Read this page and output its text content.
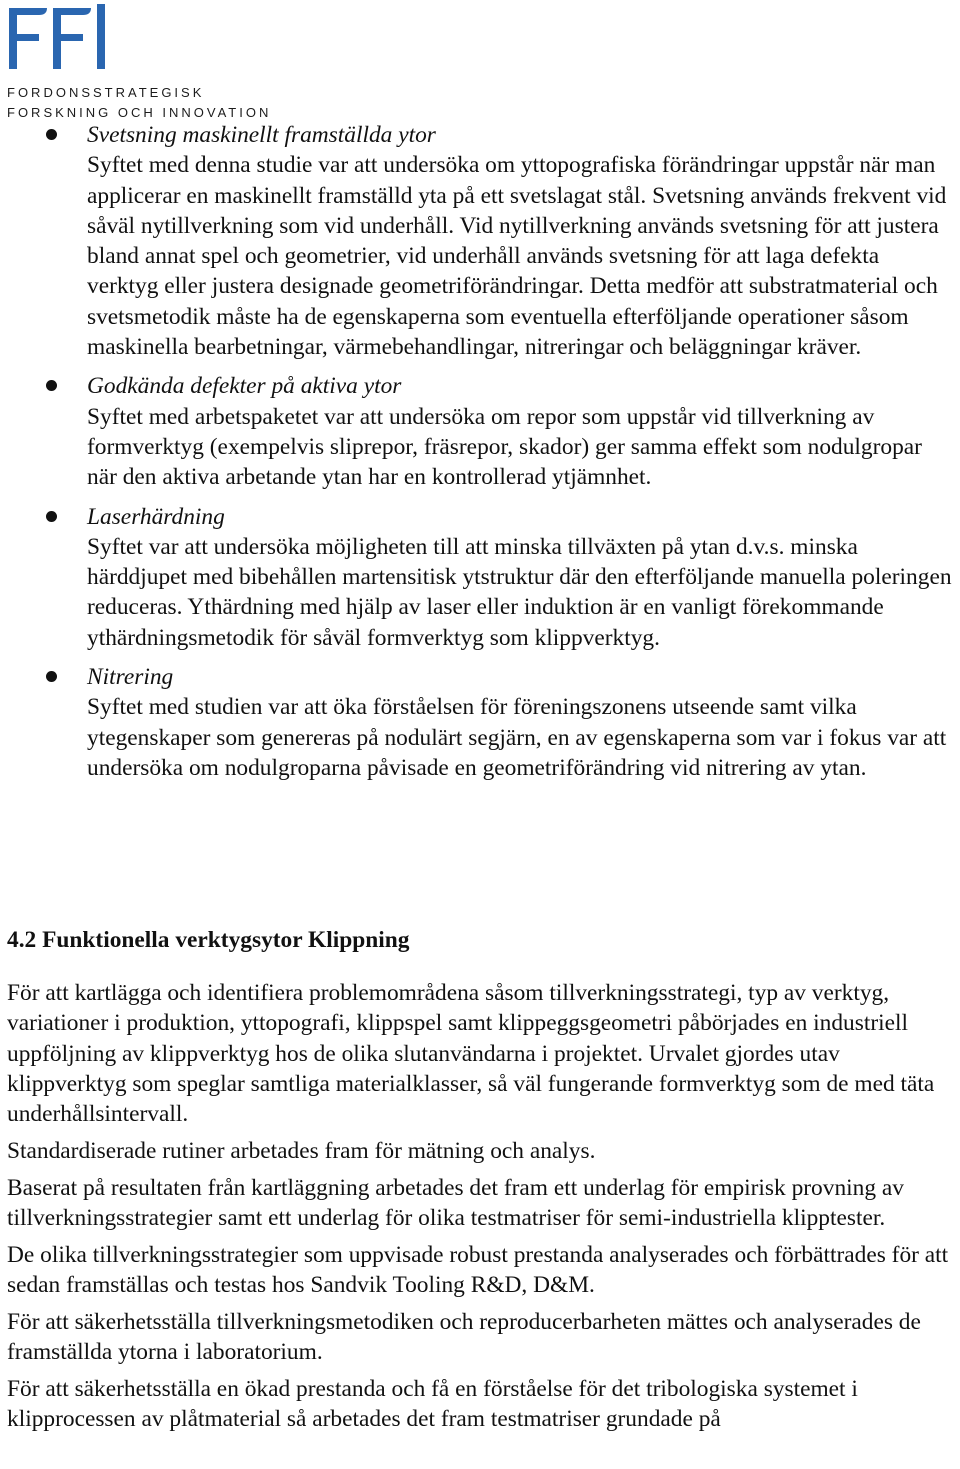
FORDONSSTRATEGISK
FORSKNING OCH INNOVATION

Svetsning maskinellt framställda ytor

Syftet med denna studie var att undersöka om yttopografiska förändringar uppstår när man applicerar en maskinellt framställd yta på ett svetslagat stål. Svetsning används frekvent vid såväl nytillverkning som vid underhåll. Vid nytillverkning används svetsning för att justera bland annat spel och geometrier, vid underhåll används svetsning för att laga defekta verktyg eller justera designade geometriförändringar. Detta medför att substratmaterial och svetsmetodik måste ha de egenskaperna som eventuella efterföljande operationer såsom maskinella bearbetningar, värmebehandlingar, nitreringar och beläggningar kräver.

Godkända defekter på aktiva ytor

Syftet med arbetspaketet var att undersöka om repor som uppstår vid tillverkning av formverktyg (exempelvis sliprepor, fräsrepor, skador) ger samma effekt som nodulgropar när den aktiva arbetande ytan har en kontrollerad ytjämnhet.

Laserhärdning

Syftet var att undersöka möjligheten till att minska tillväxten på ytan d.v.s. minska härddjupet med bibehållen martensitisk ytstruktur där den efterföljande manuella poleringen reduceras. Ythärdning med hjälp av laser eller induktion är en vanligt förekommande ythärdningsmetodik för såväl formverktyg som klippverktyg.

Nitrering

Syftet med studien var att öka förståelsen för föreningszonens utseende samt vilka ytegenskaper som genereras på nodulärt segjärn, en av egenskaperna som var i fokus var att undersöka om nodulgroparna påvisade en geometriförändring vid nitrering av ytan.

4.2 Funktionella verktygsytor Klippning

För att kartlägga och identifiera problemområdena såsom tillverkningsstrategi, typ av verktyg, variationer i produktion, yttopografi, klippspel samt klippeggsgeometri påbörjades en industriell uppföljning av klippverktyg hos de olika slutanvändarna i projektet. Urvalet gjordes utav klippverktyg som speglar samtliga materialklasser, så väl fungerande formverktyg som de med täta underhållsintervall.

Standardiserade rutiner arbetades fram för mätning och analys.

Baserat på resultaten från kartläggning arbetades det fram ett underlag för empirisk provning av tillverkningsstrategier samt ett underlag för olika testmatriser för semi-industriella klipptester.

De olika tillverkningsstrategier som uppvisade robust prestanda analyserades och förbättrades för att sedan framställas och testas hos Sandvik Tooling R&D, D&M.

För att säkerhetsställa tillverkningsmetodiken och reproducerbarheten mättes och analyserades de framställda ytorna i laboratorium.

För att säkerhetsställa en ökad prestanda och få en förståelse för det tribologiska systemet i klipprocessen av plåtmaterial så arbetades det fram testmatriser grundade på
